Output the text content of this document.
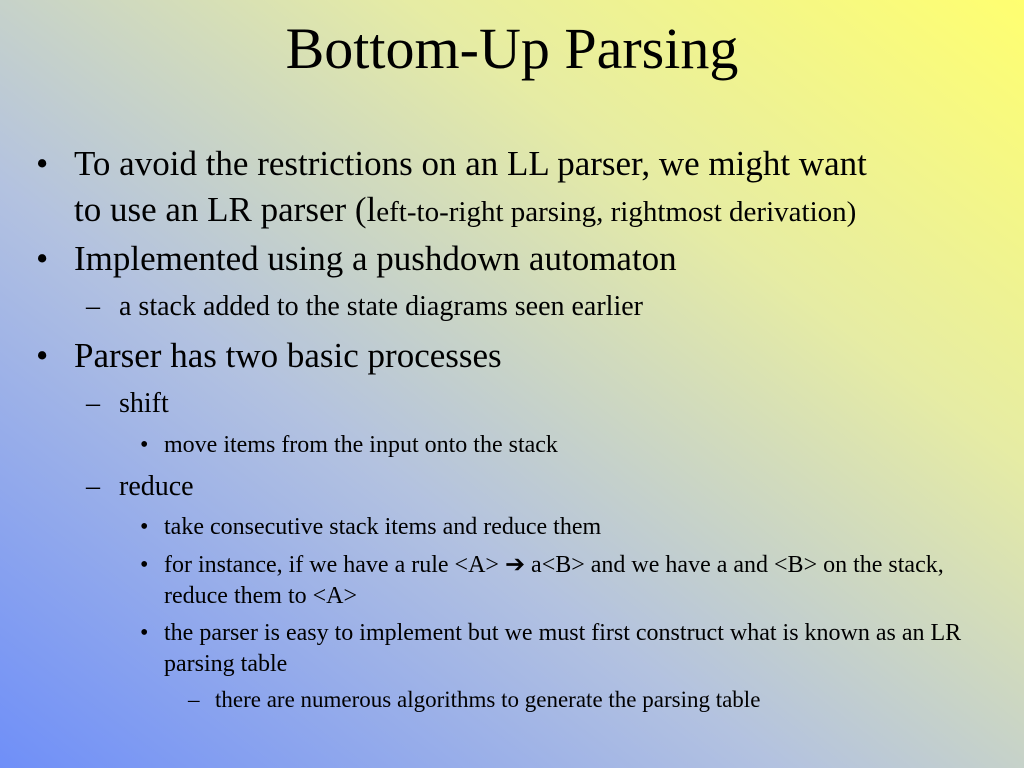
Bottom-Up Parsing
• To avoid the restrictions on an LL parser, we might want
to use an LR parser (left-to-right parsing, rightmost derivation)
• Implemented using a pushdown automaton
– a stack added to the state diagrams seen earlier
• Parser has two basic processes
– shift
• move items from the input onto the stack
– reduce
• take consecutive stack items and reduce them
• for instance, if we have a rule <A> ➔ a<B> and we have a and <B> on the stack, reduce them to <A>
• the parser is easy to implement but we must first construct what is known as an LR parsing table
– there are numerous algorithms to generate the parsing table
